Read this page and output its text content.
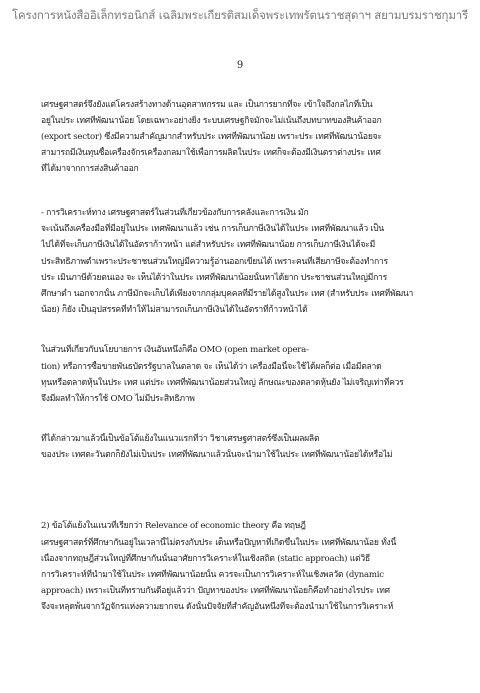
โครงการหนังสืออิเล็กทรอนิกส์ เฉลิมพระเกียรติสมเด็จพระเทพรัตนราชสุดาฯ สยามบรมราชกุมารี
9
เศรษฐศาสตร์จึงยังแต่โครงสร้างทางด้านอุตสาหกรรม และ เป็นการยากที่จะ เข้าใจถึงกลไกที่เป็น
อยู่ในประ เทศที่พัฒนาน้อย โดยเฉพาะอย่างยิ่ง ระบบเศรษฐกิจมักจะไม่เน้นถึงบทบาทของสินค้าออก
(export sector) ซึ่งมีความสำคัญมากสำหรับประ เทศที่พัฒนาน้อย เพราะประ เทศที่พัฒนาน้อยจะ
สามารถมีเงินทุนซื้อเครื่องจักรเครื่องกลมาใช้เพื่อการผลิตในประ เทศก็จะต้องมีเงินตราต่างประ เทศ
ที่ได้มาจากการส่งสินค้าออก
- การวิเคราะห์ทาง เศรษฐศาสตร์ในส่วนที่เกี่ยวข้องกับการคลังและการเงิน มัก
จะเน้นถึงเครื่องมือที่มีอยู่ในประ เทศพัฒนาแล้ว เช่น การเก็บภาษีเงินได้ในประ เทศที่พัฒนาแล้ว เป็น
ไปได้ที่จะเก็บภาษีเงินได้ในอัตราก้าวหน้า แต่สำหรับประ เทศที่พัฒนาน้อย การเก็บภาษีเงินได้จะมี
ประสิทธิภาพต่ำเพราะประชาชนส่วนใหญ่มีความรู้อ่านออกเขียนได้ เพราะคนที่เสียภาษีจะต้องทำการ
ประ เมินภาษีด้วยตนเอง จะ เห็นได้ว่าในประ เทศที่พัฒนาน้อยนั้นหาได้ยาก ประชาชนส่วนใหญ่มีการ
ศึกษาต่ำ นอกจากนั้น ภาษีมักจะเก็บได้เพียงจากกลุ่มบุคคลที่มีรายได้สูงในประ เทศ (สำหรับประ เทศที่พัฒนา
น้อย) ก็ยัง เป็นอุปสรรคที่ทำให้ไม่สามารถเก็บภาษีเงินได้ในอัตราที่ก้าวหน้าได้
ในส่วนที่เกี่ยวกับนโยบายการ เงินอันหนึ่งก็คือ OMO (open market opera-
tion) หรือการซื้อขายพันธบัตรรัฐบาลในตลาด จะ เห็นได้ว่า เครื่องมือนี้จะใช้ได้ผลก็ต่อ เมื่อมีตลาด
ทุนหรือตลาดหุ้นในประ เทศ แต่ประ เทศที่พัฒนาน้อยส่วนใหญ่ ลักษณะของตลาดหุ้นยัง ไม่เจริญเท่าที่ควร
จึงมีผลทำให้การใช้ OMO ไม่มีประสิทธิภาพ
ที่ได้กล่าวมาแล้วนี้เป็นข้อโต้แย้งในแนวแรกที่ว่า วิชาเศรษฐศาสตร์ซึ่งเป็นผลผลิต
ของประ เทศตะวันตกก็ยังไม่เป็นประ เทศที่พัฒนาแล้วนั้นจะนำมาใช้ในประ เทศที่พัฒนาน้อยได้หรือไม่
2) ข้อโต้แย้งในแนวที่เรียกว่า Relevance of economic theory คือ ทฤษฎี
เศรษฐศาสตร์ที่ศึกษากันอยู่ในเวลานี้ไม่ตรงกับประ เด็นหรือปัญหาที่เกิดขึ้นในประ เทศที่พัฒนาน้อย ทั้งนี้
เนื่องจากทฤษฎีส่วนใหญ่ที่ศึกษากันนั้นอาศัยการวิเคราะห์ในเชิงสถิต (static approach) แต่วิธี
การวิเคราะห์ที่นำมาใช้ในประ เทศที่พัฒนาน้อยนั้น ควรจะเป็นการวิเคราะห์ในเชิงพลวัต (dynamic
approach) เพราะเป็นที่ทราบกันดีอยู่แล้วว่า ปัญหาของประ เทศที่พัฒนาน้อยก็คือทำอย่างไรประ เทศ
จึงจะหลุดพ้นจากวัฏจักรแห่งความยากจน ดังนั้นปัจจัยที่สำคัญอันหนึ่งที่จะต้องนำมาใช้ในการวิเคราะห์
